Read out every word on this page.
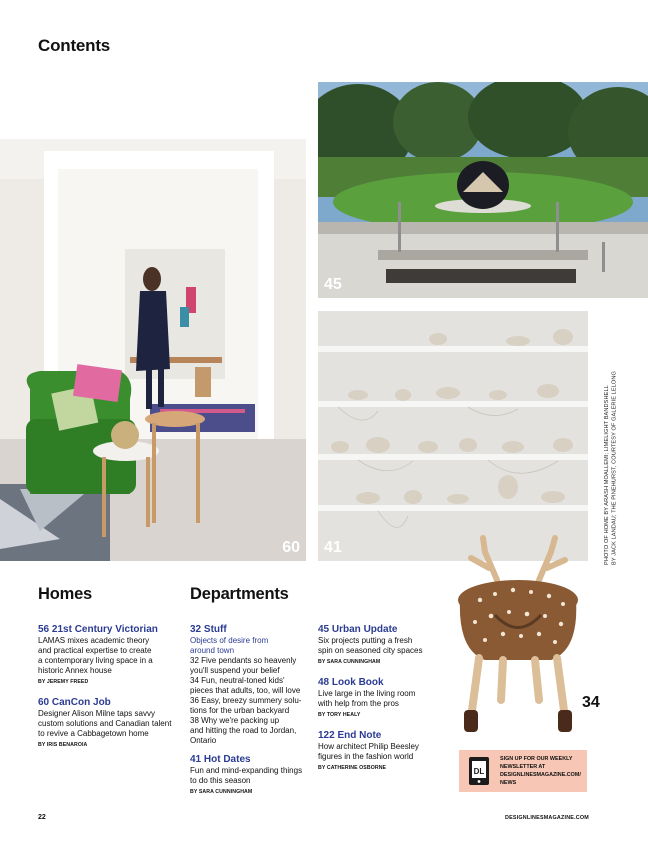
Contents
60
45
41	PHOTO OF HOME BY ARASH MOALLEMI; LIMELIGHT BANDSHELL BY JACK LANDAU; THE PINEHURST, COURTESY OF GALERIE LELONG
34
Homes
56 21st Century Victorian
LAMAS mixes academic theory
and practical expertise to create
a contemporary living space in a
historic Annex house
BY JEREMY FREED
60 CanCon Job
Designer Alison Milne taps savvy
custom solutions and Canadian talent
to revive a Cabbagetown home
BY IRIS BENAROIA
Departments
32 Stuff
Objects of desire from
around town
32 Five pendants so heavenly
you'll suspend your belief
34 Fun, neutral-toned kids'
pieces that adults, too, will love
36 Easy, breezy summery solu-
tions for the urban backyard
38 Why we're packing up
and hitting the road to Jordan,
Ontario
41 Hot Dates
Fun and mind-expanding things
to do this season
BY SARA CUNNINGHAM
45 Urban Update
Six projects putting a fresh
spin on seasoned city spaces
BY SARA CUNNINGHAM
48 Look Book
Live large in the living room
with help from the pros
BY TORY HEALY
122 End Note
How architect Philip Beesley
figures in the fashion world
BY CATHERINE OSBORNE	DL
SIGN UP FOR OUR WEEKLY
NEWSLETTER AT
DESIGNLINESMAGAZINE.COM/
NEWS
22	DESIGNLINESMAGAZINE.COM
